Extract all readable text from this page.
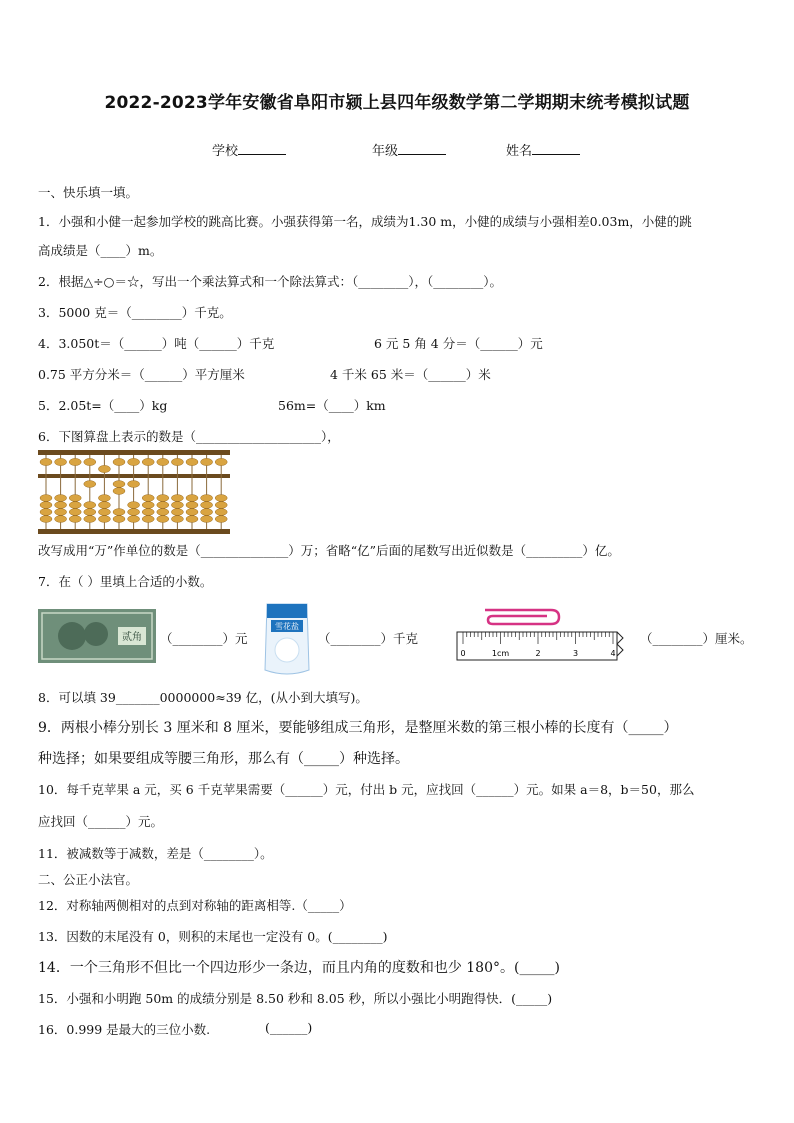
2022-2023学年安徽省阜阳市颍上县四年级数学第二学期期末统考模拟试题
学校	年级	姓名
一、快乐填一填。
1．小强和小健一起参加学校的跳高比赛。小强获得第一名，成绩为1.30 m，小健的成绩与小强相差0.03m，小健的跳
高成绩是（____）m。
2．根据△÷○＝☆，写出一个乘法算式和一个除法算式：（________），（________）。
3．5000 克＝（________）千克。
4．3.050t＝（______）吨（______）千克	6 元 5 角 4 分＝（______）元
0.75 平方分米＝（______）平方厘米	4 千米 65 米＝（______）米
5．2.05t=（____）kg	56m=（____）km
6．下图算盘上表示的数是（____________________），
改写成用“万”作单位的数是（______________）万；省略“亿”后面的尾数写出近似数是（_________）亿。
7．在（ ）里填上合适的小数。
贰角 （________）元
雪花盐
（________）千克
0	1cm	2	3	4
（________）厘米。
8．可以填 39_______0000000≈39 亿，(从小到大填写)。
9．两根小棒分别长 3 厘米和 8 厘米，要能够组成三角形，是整厘米数的第三根小棒的长度有（_____）
种选择；如果要组成等腰三角形，那么有（_____）种选择。
10．每千克苹果 a 元，买 6 千克苹果需要（______）元，付出 b 元，应找回（______）元。如果 a＝8，b＝50，那么
应找回（______）元。
11．被减数等于减数，差是（________）。
二、公正小法官。
12．对称轴两侧相对的点到对称轴的距离相等.（_____）
13．因数的末尾没有 0，则积的末尾也一定没有 0。(________)
14．一个三角形不但比一个四边形少一条边，而且内角的度数和也少 180°。(_____)
15．小强和小明跑 50m 的成绩分别是 8.50 秒和 8.05 秒，所以小强比小明跑得快．(_____)
16．0.999 是最大的三位小数.	(______)
